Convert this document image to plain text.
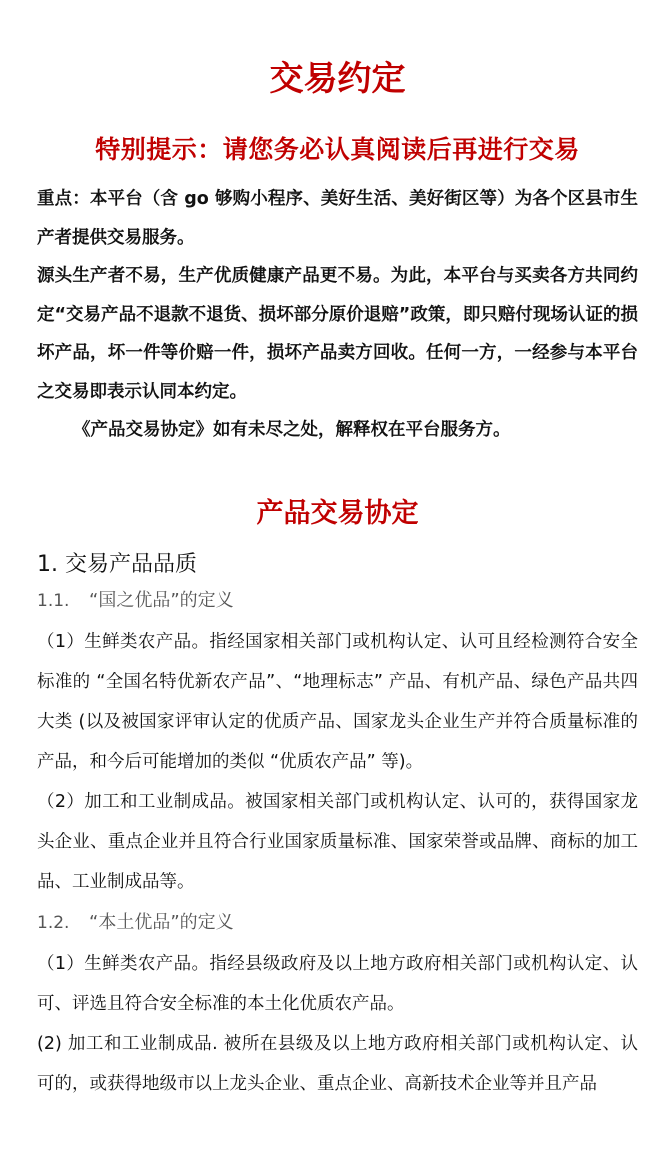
交易约定
特别提示：请您务必认真阅读后再进行交易

重点：本平台（含 go 够购小程序、美好生活、美好街区等）为各个区县市生产者提供交易服务。

源头生产者不易，生产优质健康产品更不易。为此，本平台与买卖各方共同约定“交易产品不退款不退货、损坏部分原价退赔”政策，即只赔付现场认证的损坏产品，坏一件等价赔一件，损坏产品卖方回收。任何一方，一经参与本平台之交易即表示认同本约定。

《产品交易协定》如有未尽之处，解释权在平台服务方。

产品交易协定
1. 交易产品品质
1.1. “国之优品”的定义

（1）生鲜类农产品。指经国家相关部门或机构认定、认可且经检测符合安全标准的 “全国名特优新农产品”、“地理标志” 产品、有机产品、绿色产品共四大类 (以及被国家评审认定的优质产品、国家龙头企业生产并符合质量标准的产品，和今后可能增加的类似 “优质农产品” 等)。

（2）加工和工业制成品。被国家相关部门或机构认定、认可的，获得国家龙头企业、重点企业并且符合行业国家质量标准、国家荣誉或品牌、商标的加工品、工业制成品等。

1.2. “本土优品”的定义

（1）生鲜类农产品。指经县级政府及以上地方政府相关部门或机构认定、认可、评选且符合安全标准的本土化优质农产品。

(2) 加工和工业制成品. 被所在县级及以上地方政府相关部门或机构认定、认可的，或获得地级市以上龙头企业、重点企业、高新技术企业等并且产品
